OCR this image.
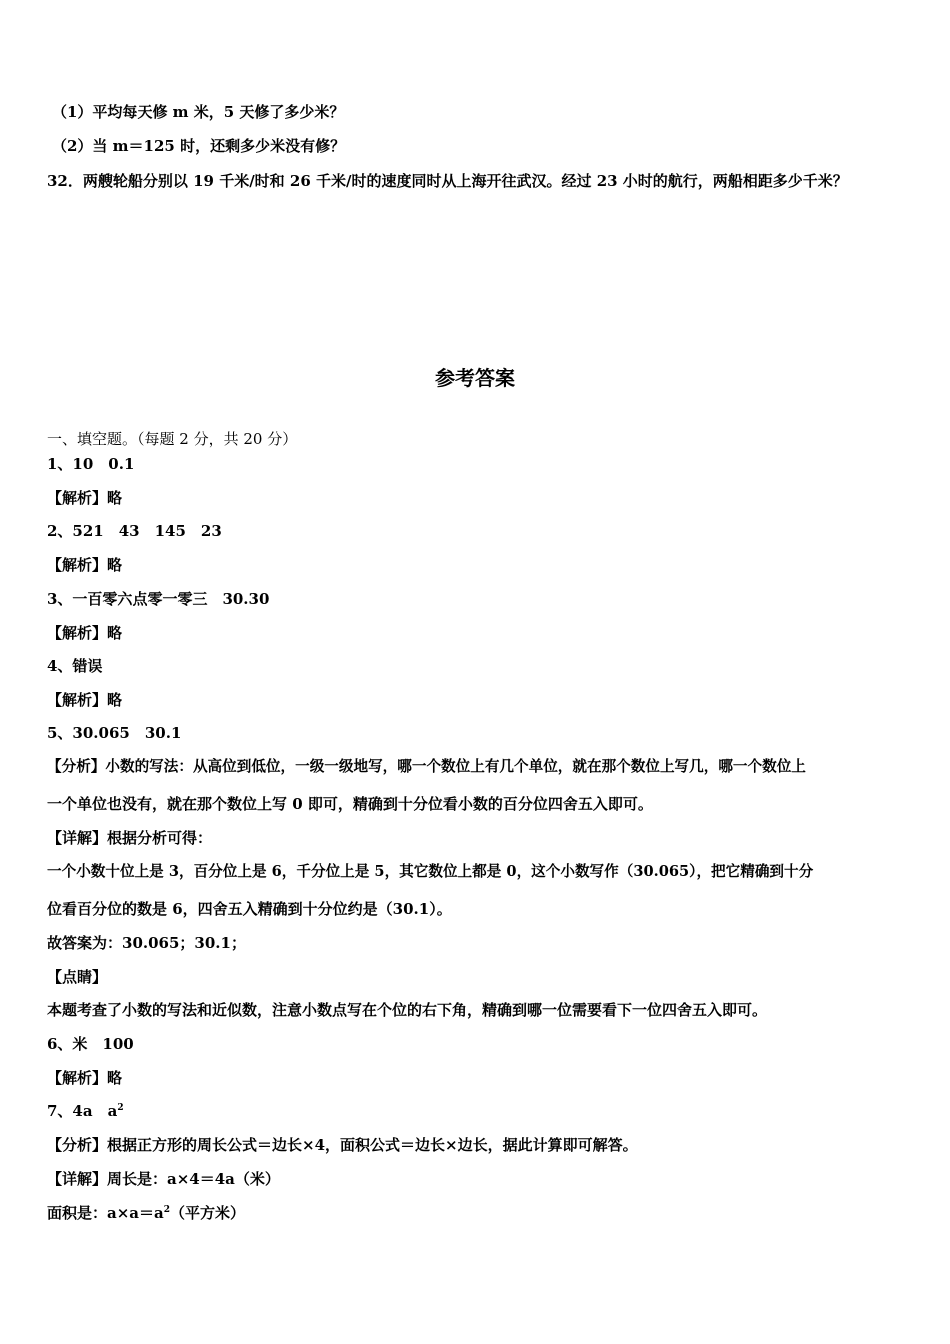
（1）平均每天修 m 米，5 天修了多少米？
（2）当 m＝125 时，还剩多少米没有修？
32．两艘轮船分别以 19 千米/时和 26 千米/时的速度同时从上海开往武汉。经过 23 小时的航行，两船相距多少千米？
参考答案
一、填空题。（每题 2 分，共 20 分）
1、10　0.1
【解析】略
2、521　43　145　23
【解析】略
3、一百零六点零一零三　30.30
【解析】略
4、错误
【解析】略
5、30.065　30.1
【分析】小数的写法：从高位到低位，一级一级地写，哪一个数位上有几个单位，就在那个数位上写几，哪一个数位上
一个单位也没有，就在那个数位上写 0 即可，精确到十分位看小数的百分位四舍五入即可。
【详解】根据分析可得：
一个小数十位上是 3，百分位上是 6，千分位上是 5，其它数位上都是 0，这个小数写作（30.065），把它精确到十分
位看百分位的数是 6，四舍五入精确到十分位约是（30.1）。
故答案为：30.065；30.1；
【点睛】
本题考查了小数的写法和近似数，注意小数点写在个位的右下角，精确到哪一位需要看下一位四舍五入即可。
6、米　100
【解析】略
7、4a　$a^2$
【分析】根据正方形的周长公式＝边长×4，面积公式＝边长×边长，据此计算即可解答。
【详解】周长是：a×4＝4a（米）
面积是：$a\times a=a^2$（平方米）
